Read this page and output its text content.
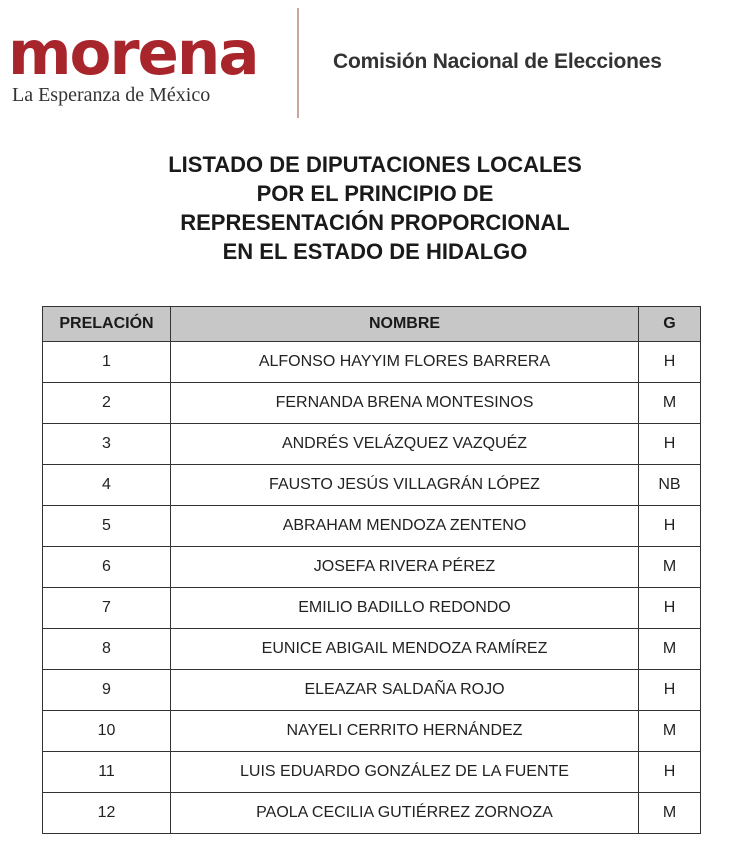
morena
La Esperanza de México
Comisión Nacional de Elecciones
LISTADO DE DIPUTACIONES LOCALES
POR EL PRINCIPIO DE
REPRESENTACIÓN PROPORCIONAL
EN EL ESTADO DE HIDALGO
PRELACIÓN	NOMBRE	G
1	ALFONSO HAYYIM FLORES BARRERA	H
2	FERNANDA BRENA MONTESINOS	M
3	ANDRÉS VELÁZQUEZ VAZQUÉZ	H
4	FAUSTO JESÚS VILLAGRÁN LÓPEZ	NB
5	ABRAHAM MENDOZA ZENTENO	H
6	JOSEFA RIVERA PÉREZ	M
7	EMILIO BADILLO REDONDO	H
8	EUNICE ABIGAIL MENDOZA RAMÍREZ	M
9	ELEAZAR SALDAÑA ROJO	H
10	NAYELI CERRITO HERNÁNDEZ	M
11	LUIS EDUARDO GONZÁLEZ DE LA FUENTE	H
12	PAOLA CECILIA GUTIÉRREZ ZORNOZA	M
